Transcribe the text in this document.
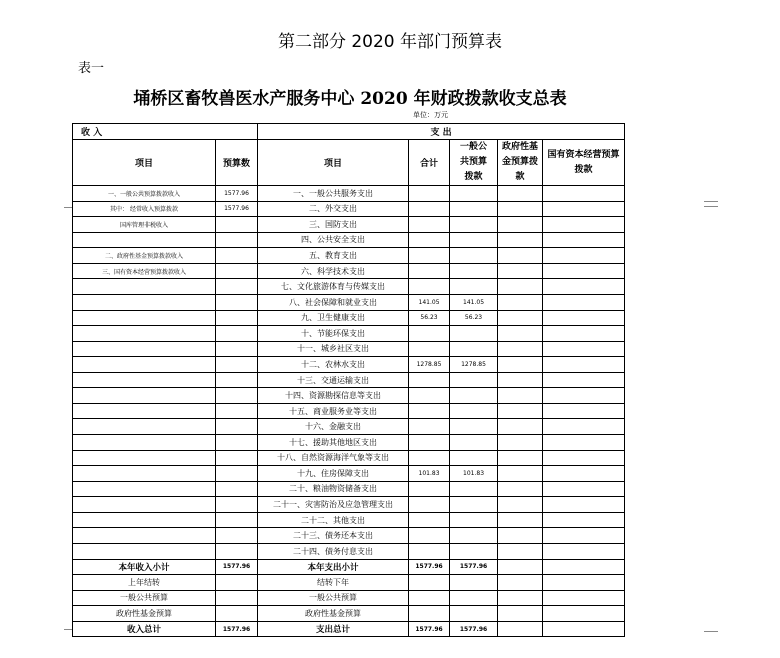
第二部分 2020 年部门预算表
表一
埇桥区畜牧兽医水产服务中心 2020 年财政拨款收支总表
单位：万元
收 入		支 出				
项目	预算数	项目	合计	一般公共预算拨款	政府性基金预算拨款	国有资本经营预算拨款

一、一般公共预算拨款收入	1577.96	一、一般公共服务支出				
其中： 经常收入预算拨款	1577.96	二、外交支出				
国库管理非税收入		三、国防支出				
		四、公共安全支出				
二、政府性基金预算拨款收入		五、教育支出				
三、国有资本经营预算拨款收入		六、科学技术支出				
		七、文化旅游体育与传媒支出				
		八、社会保障和就业支出	141.05	141.05		
		九、卫生健康支出	56.23	56.23		
		十、节能环保支出				
		十一、城乡社区支出				
		十二、农林水支出	1278.85	1278.85		
		十三、交通运输支出				
		十四、资源勘探信息等支出				
		十五、商业服务业等支出				
		十六、金融支出				
		十七、援助其他地区支出				
		十八、自然资源海洋气象等支出				
		十九、住房保障支出	101.83	101.83		
		二十、粮油物资储备支出				
		二十一、灾害防治及应急管理支出				
		二十二、其他支出				
		二十三、债务还本支出				
		二十四、债务付息支出				
本年收入小计	1577.96	本年支出小计	1577.96	1577.96		
上年结转		结转下年				
一般公共预算		一般公共预算				
政府性基金预算		政府性基金预算				
收入总计	1577.96	支出总计	1577.96	1577.96		
